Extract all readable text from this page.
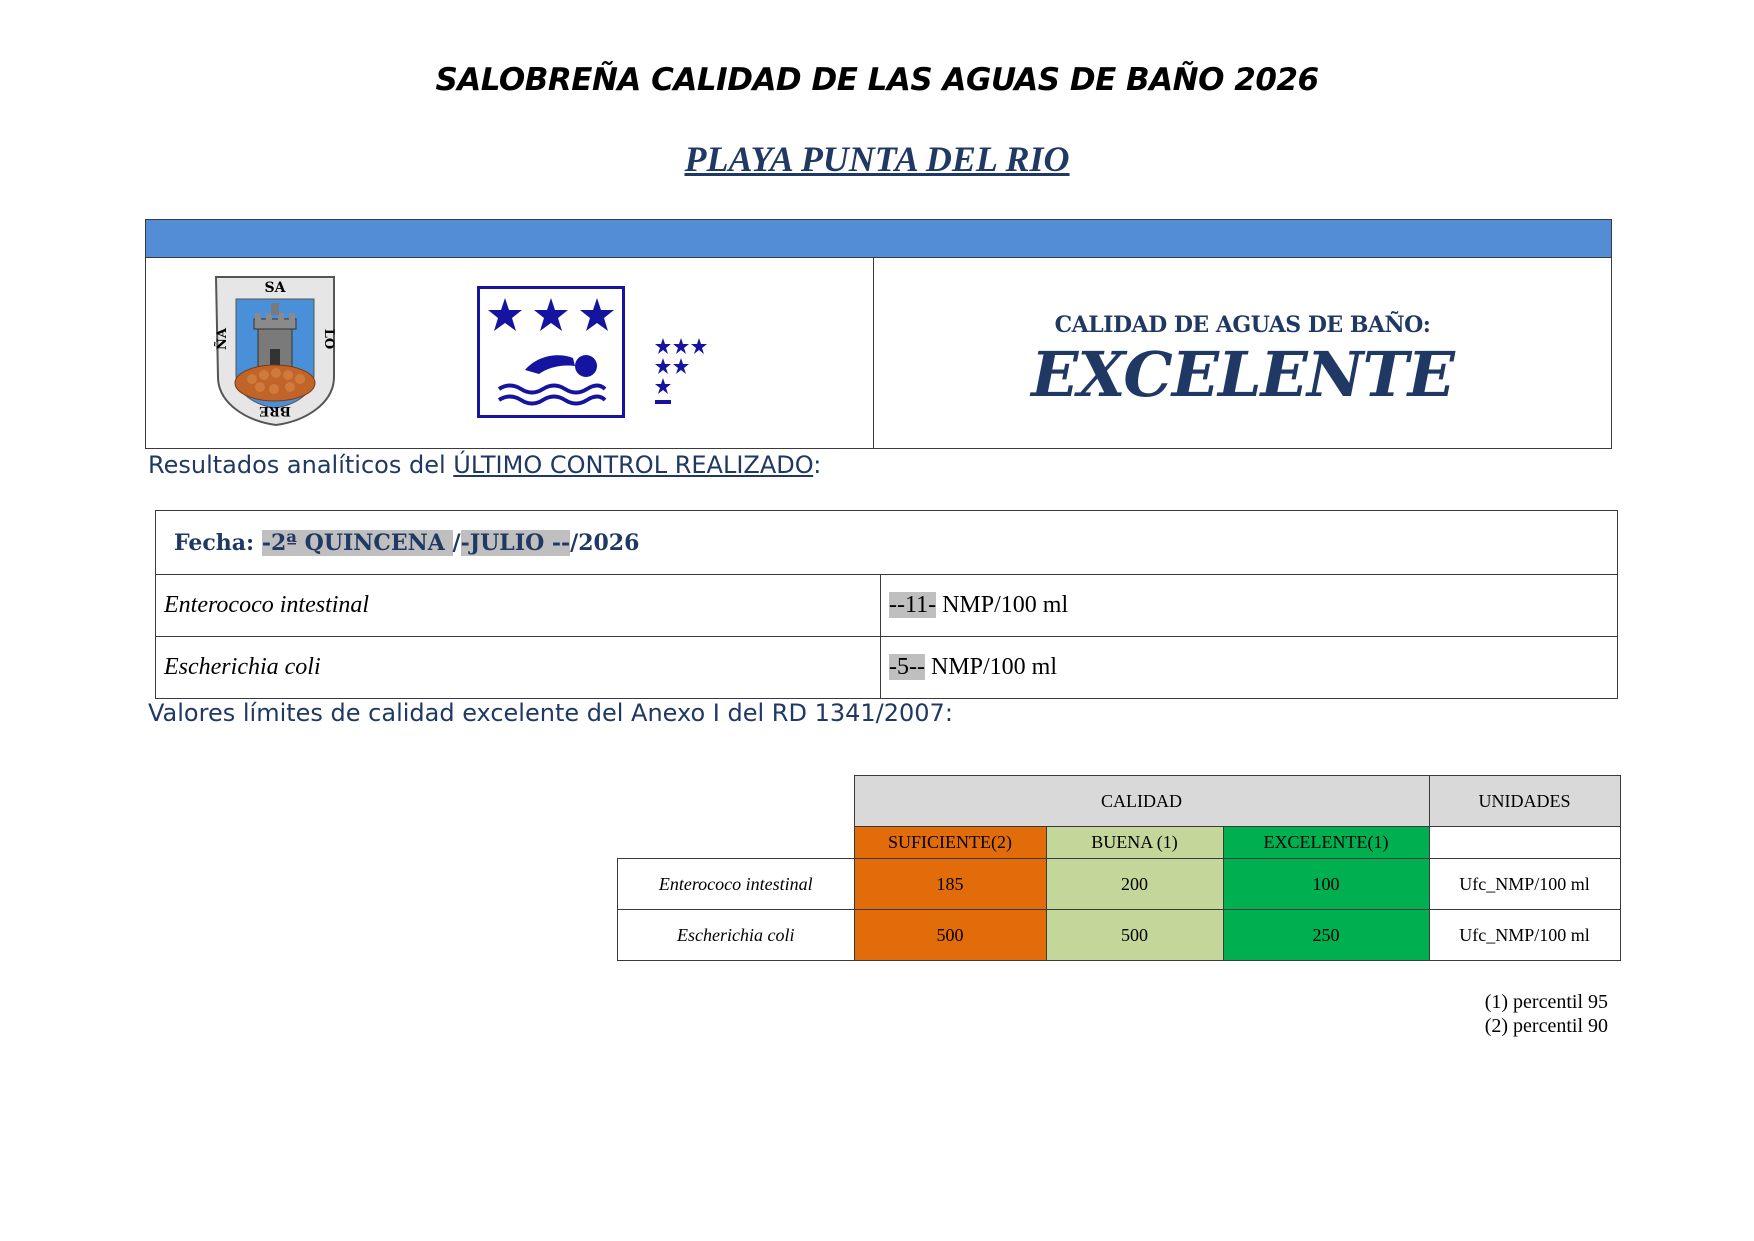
SALOBREÑA CALIDAD DE LAS AGUAS DE BAÑO 2026
PLAYA PUNTA DEL RIO
SA
ÑA	LO
BRE
CALIDAD DE AGUAS DE BAÑO:
EXCELENTE
Resultados analíticos del ÚLTIMO CONTROL REALIZADO:
Fecha: -2ª QUINCENA /-JULIO --/2026	
Enterococo intestinal	--11- NMP/100 ml
Escherichia coli	-5-- NMP/100 ml
Valores límites de calidad excelente del Anexo I del RD 1341/2007:
	CALIDAD			UNIDADES
	SUFICIENTE(2)	BUENA (1)	EXCELENTE(1)	
Enterococo intestinal	185	200	100	Ufc_NMP/100 ml
Escherichia coli	500	500	250	Ufc_NMP/100 ml
(1) percentil 95
(2) percentil 90
